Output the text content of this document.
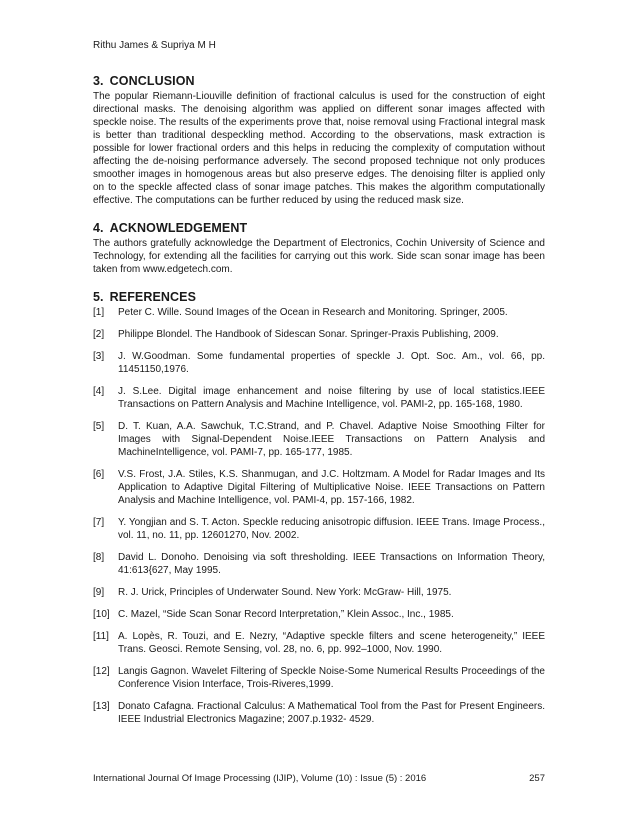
Rithu James & Supriya M H
3. CONCLUSION

The popular Riemann-Liouville definition of fractional calculus is used for the construction of eight directional masks. The denoising algorithm was applied on different sonar images affected with speckle noise. The results of the experiments prove that, noise removal using Fractional integral mask is better than traditional despeckling method. According to the observations, mask extraction is possible for lower fractional orders and this helps in reducing the complexity of computation without affecting the de-noising performance adversely. The second proposed technique not only produces smoother images in homogenous areas but also preserve edges. The denoising filter is applied only on to the speckle affected class of sonar image patches. This makes the algorithm computationally effective. The computations can be further reduced by using the reduced mask size.

4. ACKNOWLEDGEMENT

The authors gratefully acknowledge the Department of Electronics, Cochin University of Science and Technology, for extending all the facilities for carrying out this work. Side scan sonar image has been taken from www.edgetech.com.

5. REFERENCES
[1]	Peter C. Wille. Sound Images of the Ocean in Research and Monitoring. Springer, 2005.
[2]	Philippe Blondel. The Handbook of Sidescan Sonar. Springer-Praxis Publishing, 2009.
[3]	J. W.Goodman. Some fundamental properties of speckle J. Opt. Soc. Am., vol. 66, pp. 11451150,1976.
[4]	J. S.Lee. Digital image enhancement and noise filtering by use of local statistics.IEEE Transactions on Pattern Analysis and Machine Intelligence, vol. PAMI-2, pp. 165-168, 1980.
[5]	D. T. Kuan, A.A. Sawchuk, T.C.Strand, and P. Chavel. Adaptive Noise Smoothing Filter for Images with Signal-Dependent Noise.IEEE Transactions on Pattern Analysis and MachineIntelligence, vol. PAMI-7, pp. 165-177, 1985.
[6]	V.S. Frost, J.A. Stiles, K.S. Shanmugan, and J.C. Holtzmam. A Model for Radar Images and Its Application to Adaptive Digital Filtering of Multiplicative Noise. IEEE Transactions on Pattern Analysis and Machine Intelligence, vol. PAMI-4, pp. 157-166, 1982.
[7]	Y. Yongjian and S. T. Acton. Speckle reducing anisotropic diffusion. IEEE Trans. Image Process., vol. 11, no. 11, pp. 12601270, Nov. 2002.
[8]	David L. Donoho. Denoising via soft thresholding. IEEE Transactions on Information Theory, 41:613{627, May 1995.
[9]	R. J. Urick, Principles of Underwater Sound. New York: McGraw- Hill, 1975.
[10] C. Mazel, “Side Scan Sonar Record Interpretation,” Klein Assoc., Inc., 1985.
[11] A. Lopès, R. Touzi, and E. Nezry, “Adaptive speckle filters and scene heterogeneity,” IEEE Trans. Geosci. Remote Sensing, vol. 28, no. 6, pp. 992–1000, Nov. 1990.
[12] Langis Gagnon. Wavelet Filtering of Speckle Noise-Some Numerical Results Proceedings of the Conference Vision Interface, Trois-Riveres,1999.
[13] Donato Cafagna. Fractional Calculus: A Mathematical Tool from the Past for Present Engineers. IEEE Industrial Electronics Magazine; 2007.p.1932- 4529.
International Journal Of Image Processing (IJIP), Volume (10) : Issue (5) : 2016	257
